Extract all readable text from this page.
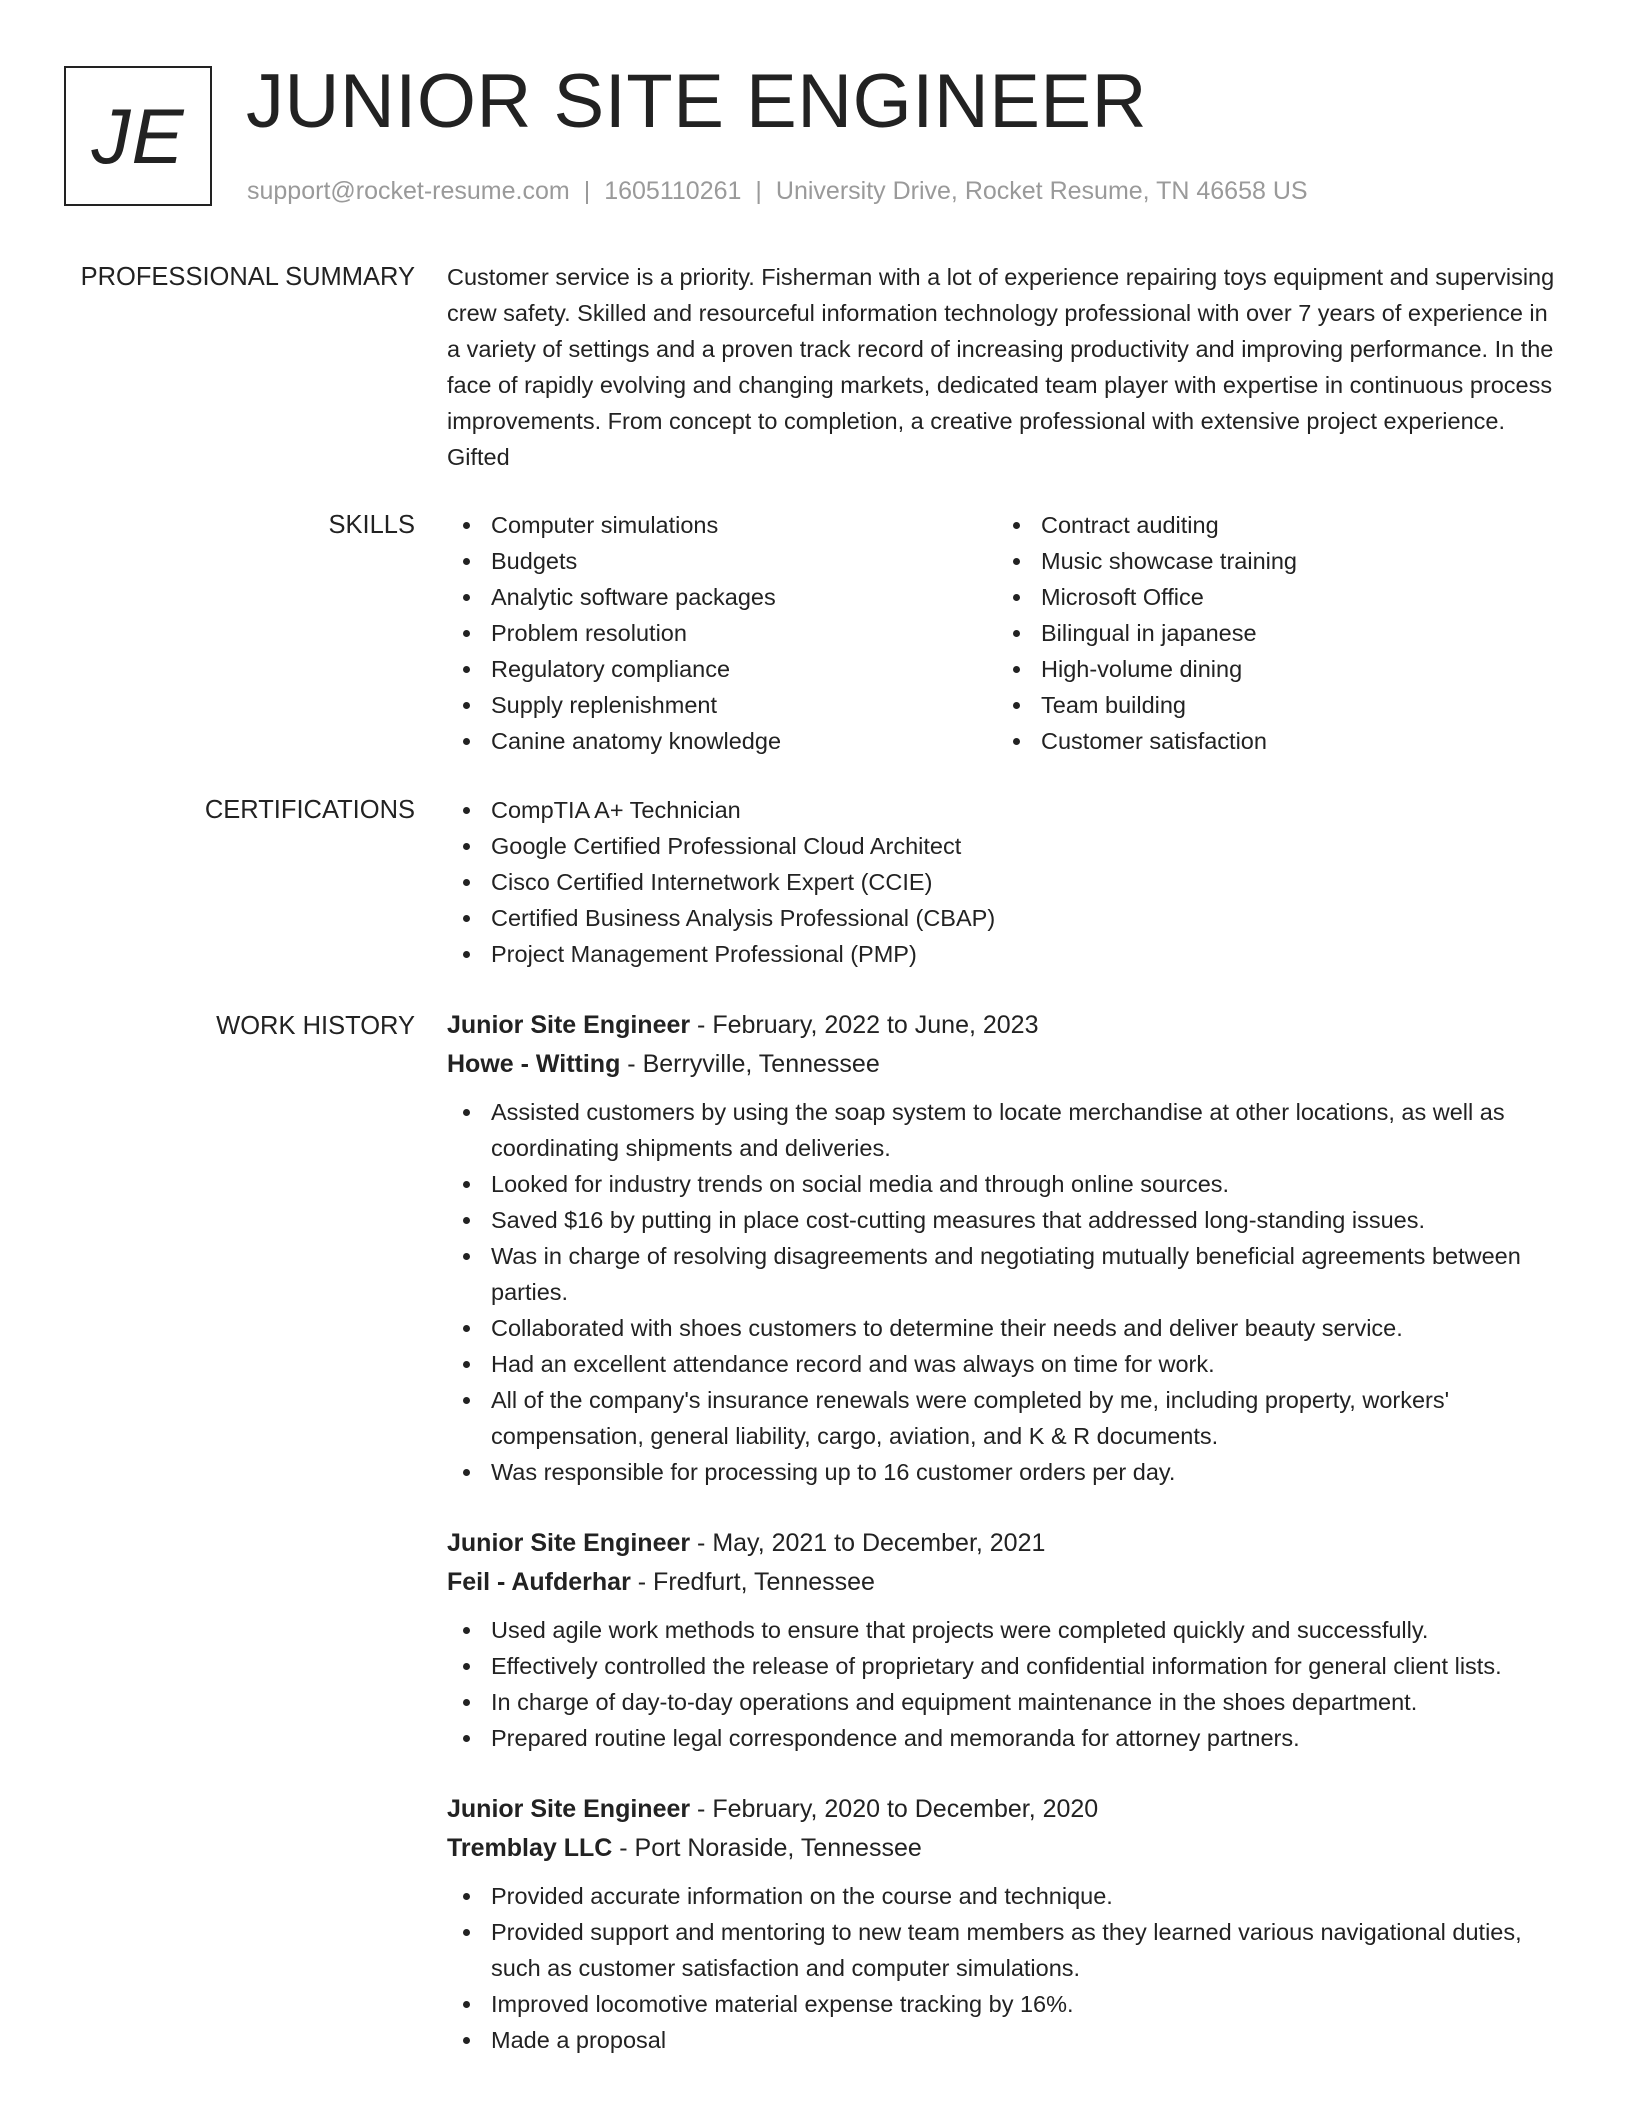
JE JUNIOR SITE ENGINEER
support@rocket-resume.com | 1605110261 | University Drive, Rocket Resume, TN 46658 US
PROFESSIONAL SUMMARY Customer service is a priority. Fisherman with a lot of experience repairing toys equipment and supervising crew safety. Skilled and resourceful information technology professional with over 7 years of experience in a variety of settings and a proven track record of increasing productivity and improving performance. In the face of rapidly evolving and changing markets, dedicated team player with expertise in continuous process improvements. From concept to completion, a creative professional with extensive project experience. Gifted
SKILLS	Computer simulations
Budgets
Analytic software packages
Problem resolution
Regulatory compliance
Supply replenishment
Canine anatomy knowledge
Contract auditing
Music showcase training
Microsoft Office
Bilingual in japanese
High-volume dining
Team building
Customer satisfaction
CERTIFICATIONS	CompTIA A+ Technician
Google Certified Professional Cloud Architect
Cisco Certified Internetwork Expert (CCIE)
Certified Business Analysis Professional (CBAP)
Project Management Professional (PMP)
WORK HISTORY Junior Site Engineer - February, 2022 to June, 2023
Howe - Witting - Berryville, Tennessee
Assisted customers by using the soap system to locate merchandise at other locations, as well as coordinating shipments and deliveries.
Looked for industry trends on social media and through online sources.
Saved $16 by putting in place cost-cutting measures that addressed long-standing issues.
Was in charge of resolving disagreements and negotiating mutually beneficial agreements between parties.
Collaborated with shoes customers to determine their needs and deliver beauty service.
Had an excellent attendance record and was always on time for work.
All of the company's insurance renewals were completed by me, including property, workers' compensation, general liability, cargo, aviation, and K & R documents.
Was responsible for processing up to 16 customer orders per day.
Junior Site Engineer - May, 2021 to December, 2021
Feil - Aufderhar - Fredfurt, Tennessee
Used agile work methods to ensure that projects were completed quickly and successfully.
Effectively controlled the release of proprietary and confidential information for general client lists.
In charge of day-to-day operations and equipment maintenance in the shoes department.
Prepared routine legal correspondence and memoranda for attorney partners.
Junior Site Engineer - February, 2020 to December, 2020
Tremblay LLC - Port Noraside, Tennessee
Provided accurate information on the course and technique.
Provided support and mentoring to new team members as they learned various navigational duties, such as customer satisfaction and computer simulations.
Improved locomotive material expense tracking by 16%.
Made a proposal
